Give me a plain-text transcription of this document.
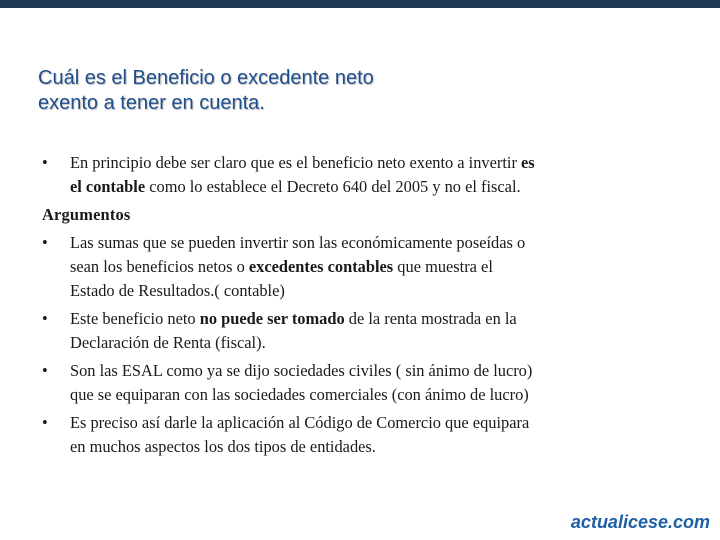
Cuál es el Beneficio o excedente neto
exento a tener en cuenta.
• En principio debe ser claro que es el beneficio neto exento a invertir es
el contable como lo establece el Decreto 640 del 2005 y no el fiscal.
Argumentos
• Las sumas que se pueden invertir son las económicamente poseídas o
sean los beneficios netos o excedentes contables que muestra el
Estado de Resultados.( contable)
• Este beneficio neto no puede ser tomado de la renta mostrada en la
Declaración de Renta (fiscal).
• Son las ESAL como ya se dijo sociedades civiles ( sin ánimo de lucro)
que se equiparan con las sociedades comerciales (con ánimo de lucro)
• Es preciso así darle la aplicación al Código de Comercio que equipara
en muchos aspectos los dos tipos de entidades.
actualicese.com
